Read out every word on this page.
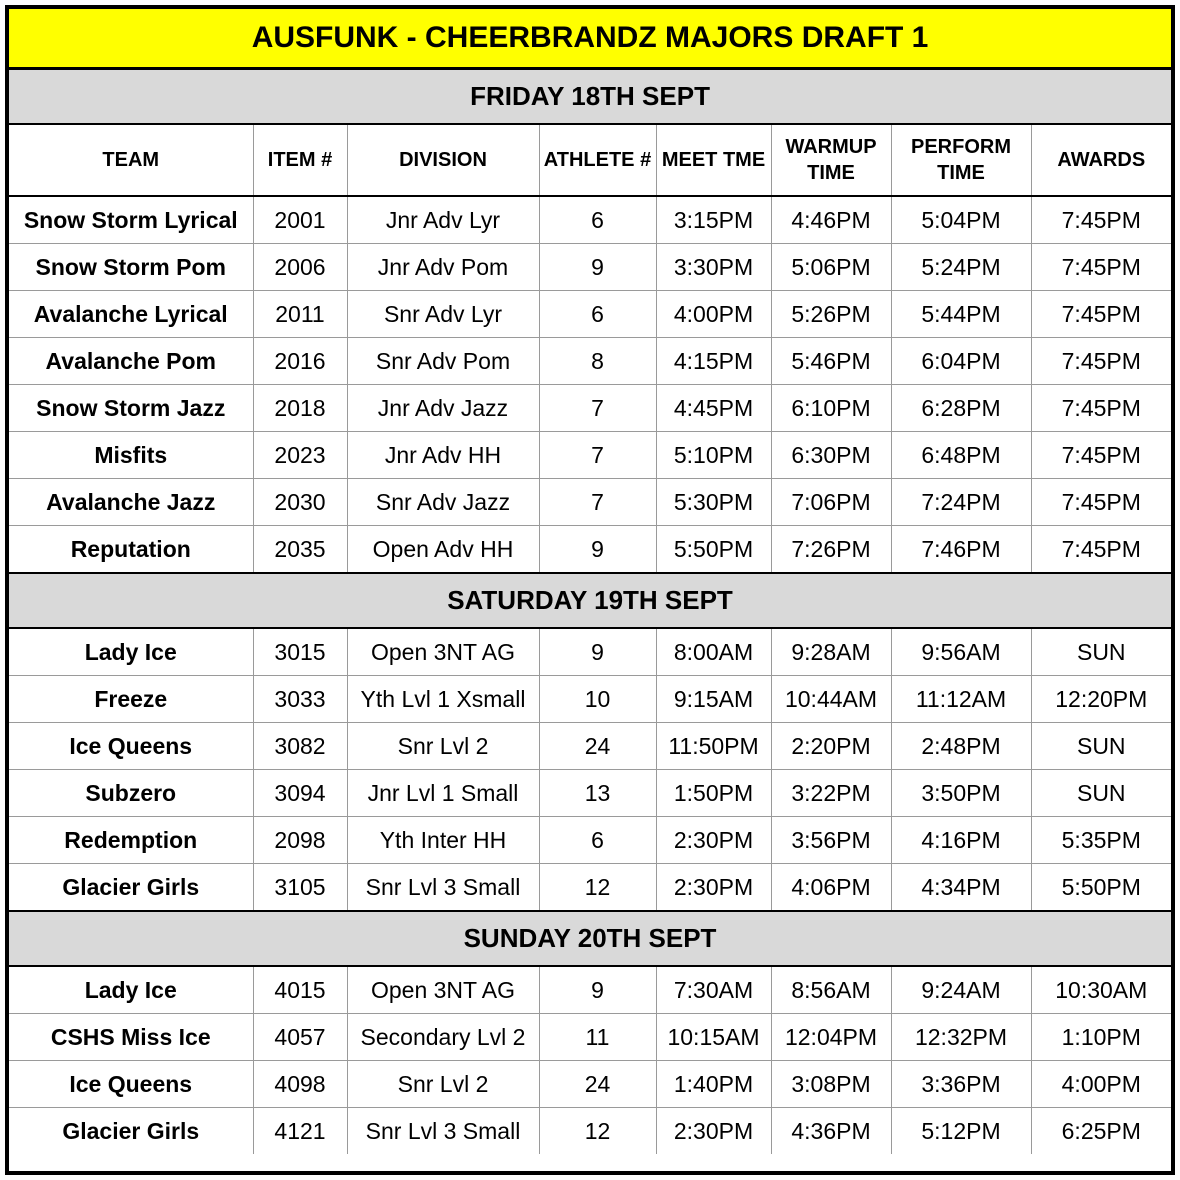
AUSFUNK - CHEERBRANDZ MAJORS DRAFT 1							
FRIDAY 18TH SEPT							
TEAM	ITEM #	DIVISION	ATHLETE #	MEET TME	WARMUP TIME	PERFORM TIME	AWARDS
Snow Storm Lyrical	2001	Jnr Adv Lyr	6	3:15PM	4:46PM	5:04PM	7:45PM
Snow Storm Pom	2006	Jnr Adv Pom	9	3:30PM	5:06PM	5:24PM	7:45PM
Avalanche Lyrical	2011	Snr Adv Lyr	6	4:00PM	5:26PM	5:44PM	7:45PM
Avalanche Pom	2016	Snr Adv Pom	8	4:15PM	5:46PM	6:04PM	7:45PM
Snow Storm Jazz	2018	Jnr Adv Jazz	7	4:45PM	6:10PM	6:28PM	7:45PM
Misfits	2023	Jnr Adv HH	7	5:10PM	6:30PM	6:48PM	7:45PM
Avalanche Jazz	2030	Snr Adv Jazz	7	5:30PM	7:06PM	7:24PM	7:45PM
Reputation	2035	Open Adv HH	9	5:50PM	7:26PM	7:46PM	7:45PM
SATURDAY 19TH SEPT							
Lady Ice	3015	Open 3NT AG	9	8:00AM	9:28AM	9:56AM	SUN
Freeze	3033	Yth Lvl 1 Xsmall	10	9:15AM	10:44AM	11:12AM	12:20PM
Ice Queens	3082	Snr Lvl 2	24	11:50PM	2:20PM	2:48PM	SUN
Subzero	3094	Jnr Lvl 1 Small	13	1:50PM	3:22PM	3:50PM	SUN
Redemption	2098	Yth Inter HH	6	2:30PM	3:56PM	4:16PM	5:35PM
Glacier Girls	3105	Snr Lvl 3 Small	12	2:30PM	4:06PM	4:34PM	5:50PM
SUNDAY 20TH SEPT							
Lady Ice	4015	Open 3NT AG	9	7:30AM	8:56AM	9:24AM	10:30AM
CSHS Miss Ice	4057	Secondary Lvl 2	11	10:15AM	12:04PM	12:32PM	1:10PM
Ice Queens	4098	Snr Lvl 2	24	1:40PM	3:08PM	3:36PM	4:00PM
Glacier Girls	4121	Snr Lvl 3 Small	12	2:30PM	4:36PM	5:12PM	6:25PM
